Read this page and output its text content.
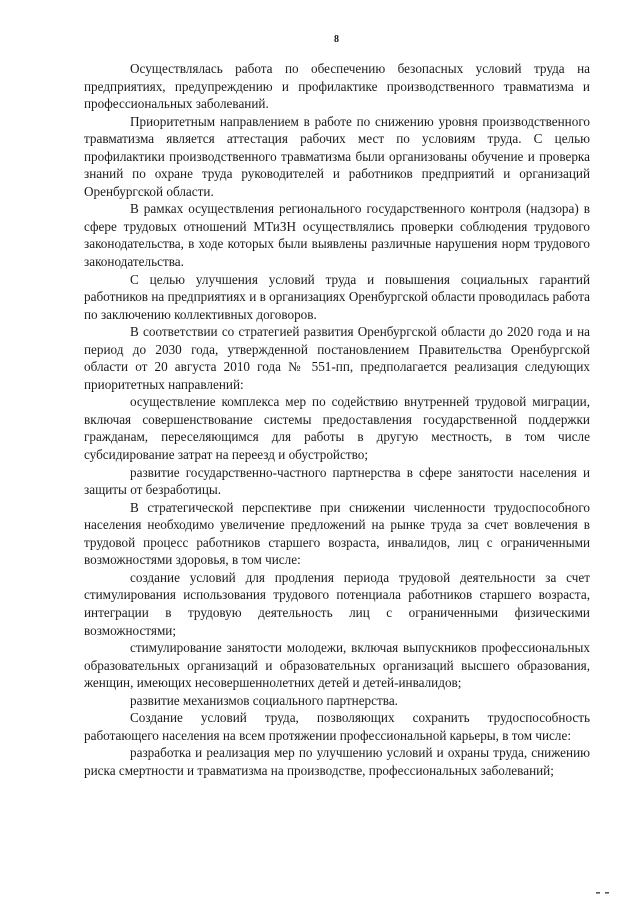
8

Осуществлялась работа по обеспечению безопасных условий труда на предприятиях, предупреждению и профилактике производственного травматизма и профессиональных заболеваний.

Приоритетным направлением в работе по снижению уровня производственного травматизма является аттестация рабочих мест по условиям труда. С целью профилактики производственного травматизма были организованы обучение и проверка знаний по охране труда руководителей и работников предприятий и организаций Оренбургской области.

В рамках осуществления регионального государственного контроля (надзора) в сфере трудовых отношений МТиЗН осуществлялись проверки соблюдения трудового законодательства, в ходе которых были выявлены различные нарушения норм трудового законодательства.

С целью улучшения условий труда и повышения социальных гарантий работников на предприятиях и в организациях Оренбургской области проводилась работа по заключению коллективных договоров.

В соответствии со стратегией развития Оренбургской области до 2020 года и на период до 2030 года, утвержденной постановлением Правительства Оренбургской области от 20 августа 2010 года № 551-пп, предполагается реализация следующих приоритетных направлений:

осуществление комплекса мер по содействию внутренней трудовой миграции, включая совершенствование системы предоставления государственной поддержки гражданам, переселяющимся для работы в другую местность, в том числе субсидирование затрат на переезд и обустройство;

развитие государственно-частного партнерства в сфере занятости населения и защиты от безработицы.

В стратегической перспективе при снижении численности трудоспособного населения необходимо увеличение предложений на рынке труда за счет вовлечения в трудовой процесс работников старшего возраста, инвалидов, лиц с ограниченными возможностями здоровья, в том числе:

создание условий для продления периода трудовой деятельности за счет стимулирования использования трудового потенциала работников старшего возраста, интеграции в трудовую деятельность лиц с ограниченными физическими возможностями;

стимулирование занятости молодежи, включая выпускников профессиональных образовательных организаций и образовательных организаций высшего образования, женщин, имеющих несовершеннолетних детей и детей-инвалидов;

развитие механизмов социального партнерства.

Создание условий труда, позволяющих сохранить трудоспособность работающего населения на всем протяжении профессиональной карьеры, в том числе:

разработка и реализация мер по улучшению условий и охраны труда, снижению риска смертности и травматизма на производстве, профессиональных заболеваний;
